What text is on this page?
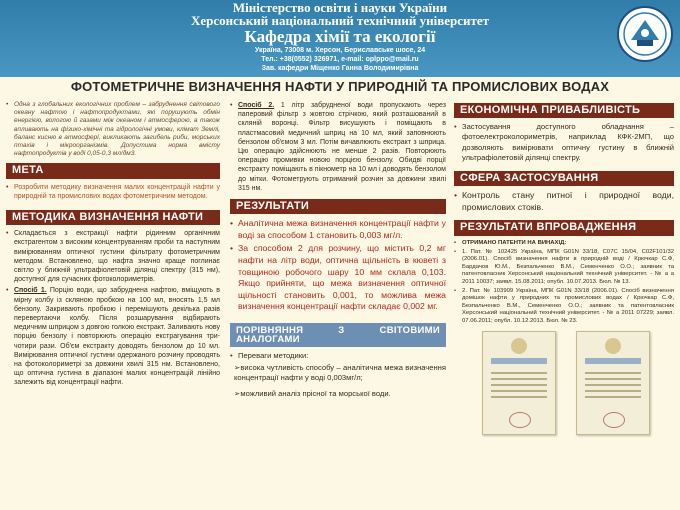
Міністерство освіти і науки України
Херсонський національний технічний університет
Кафедра хімії та екології
Україна, 73008 м. Херсон, Бериславське шосе, 24
Тел.: +38(0552) 326971, e-mail: oplppo@mail.ru
Зав. кафедри Міщенко Ганна Володимирівна
ФОТОМЕТРИЧНЕ ВИЗНАЧЕННЯ НАФТИ У ПРИРОДНІЙ ТА ПРОМИСЛОВИХ ВОДАХ
• Одна з глобальних екологічних проблем – забруднення світового океану нафтою і нафтопродуктами, які порушують обмін енергією, вологою й газами між океаном і атмосферою, а також впливають на фізико-хімічні та гідрологічні умови, клімат Землі, баланс кисню в атмосфері, викликають загибель риби, морських птахів і мікроорганізмів. Допустима норма вмісту нафтопродуктів у воді 0,05-0,3 мл/дм3.
МЕТА
• Розробити методику визначення малих концентрацій нафти у природній та промислових водах фотометричним методом.
МЕТОДИКА ВИЗНАЧЕННЯ НАФТИ
• Складається з екстракції нафти рідинним органічним екстрагентом з високим концентруванням проби та наступним вимірюванням оптичної густини фільтрату фотометричним методом. Встановлено, що нафта значно краще поглинає світло у ближній ультрафіолетовій ділянці спектру (315 нм), доступної для сучасних фотоколориметрів.
• Спосіб 1. Порцію води, що забруднена нафтою, вміщують в мірну колбу із скляною пробкою на 100 мл, вносять 1,5 мл бензолу. Закривають пробкою і перемішують декілька разів перевертаючи колбу. Після розшарування відбирають медичним шприцом з довгою голкою екстракт. Заливають нову порцію бензолу і повторюють операцію екстрагування три-чотири рази. Об'єм екстракту доводять бензолом до 10 мл. Вимірювання оптичної густини одержаного розчину проводять на фотоколориметрі за довжини хвилі 315 нм. Встановлено, що оптична густина в діапазоні малих концентрацій лінійно залежить від концентрації нафти.
• Спосіб 2. 1 літр забрудненої води пропускають через паперовий фільтр з жовтою стрічкою, який розташований в скляній воронці. Фільтр висушують і поміщають в пластмасовий медичний шприц на 10 мл, який заповнюють бензолом об'ємом 3 мл. Потім вичавлюють екстракт з шприца. Цю операцію здійснюють не менше 2 разів. Повторюють операцію промивки новою порцією бензолу. Обидві порції екстракту поміщають в пікнометр на 10 мл і доводять бензолом до мітки. Фотометрують отриманий розчин за довжини хвилі 315 нм.
РЕЗУЛЬТАТИ
• Аналітична межа визначення концентрації нафти у воді за способом 1 становить 0,003 мг/л.
• За способом 2 для розчину, що містить 0,2 мг нафти на літр води, оптична щільність в кюветі з товщиною робочого шару 10 мм склала 0,103. Якщо прийняти, що межа визначення оптичної щільності становить 0,001, то можлива межа визначення концентрації нафти складає 0,002 мг.
ПОРІВНЯННЯ З СВІТОВИМИ АНАЛОГАМИ
• Переваги методики:
➢висока чутливість способу – аналітична межа визначення концентрації нафти у воді 0,003мг/л;
➢можливий аналіз прісної та морської води.
ЕКОНОМІЧНА ПРИВАБЛИВІСТЬ
• Застосування доступного обладнання – фотоелектроколориметрів, наприклад КФК-2МП, що дозволяють вимірювати оптичну густину в ближній ультрафіолетовій ділянці спектру.
СФЕРА ЗАСТОСУВАННЯ
• Контроль стану питної і природної води, промислових стоків.
РЕЗУЛЬТАТИ ВПРОВАДЖЕННЯ
• ОТРИМАНО ПАТЕНТИ НА ВИНАХІД:
• 1. Пат. № 102425 Україна, МПК G01N 33/18, C07C 15/04, C02F101/32 (2006.01). Спосіб визначення нафти в природній воді / Крючкар С.Ф, Бардачов Ю.М., Безпальченко В.М., Семенченко О.О.; заявник та патентовласник Херсонський національний технічний університет. - № а а 2011 10037; заявл. 15.08.2011; опубл. 10.07.2013. Бюл. № 13.
• 2. Пат. № 103909 Україна, МПК G01N 33/18 (2006.01). Спосіб визначення домішок нафти у природних та промислових водах / Крючкар С.Ф, Безпальченко В.М., Семенченко О.О.; заявник та патентовласник Херсонський національний технічний університет. - № а 2011 07229; заявл. 07.06.2011; опубл. 10.12.2013. Бюл. № 23.
